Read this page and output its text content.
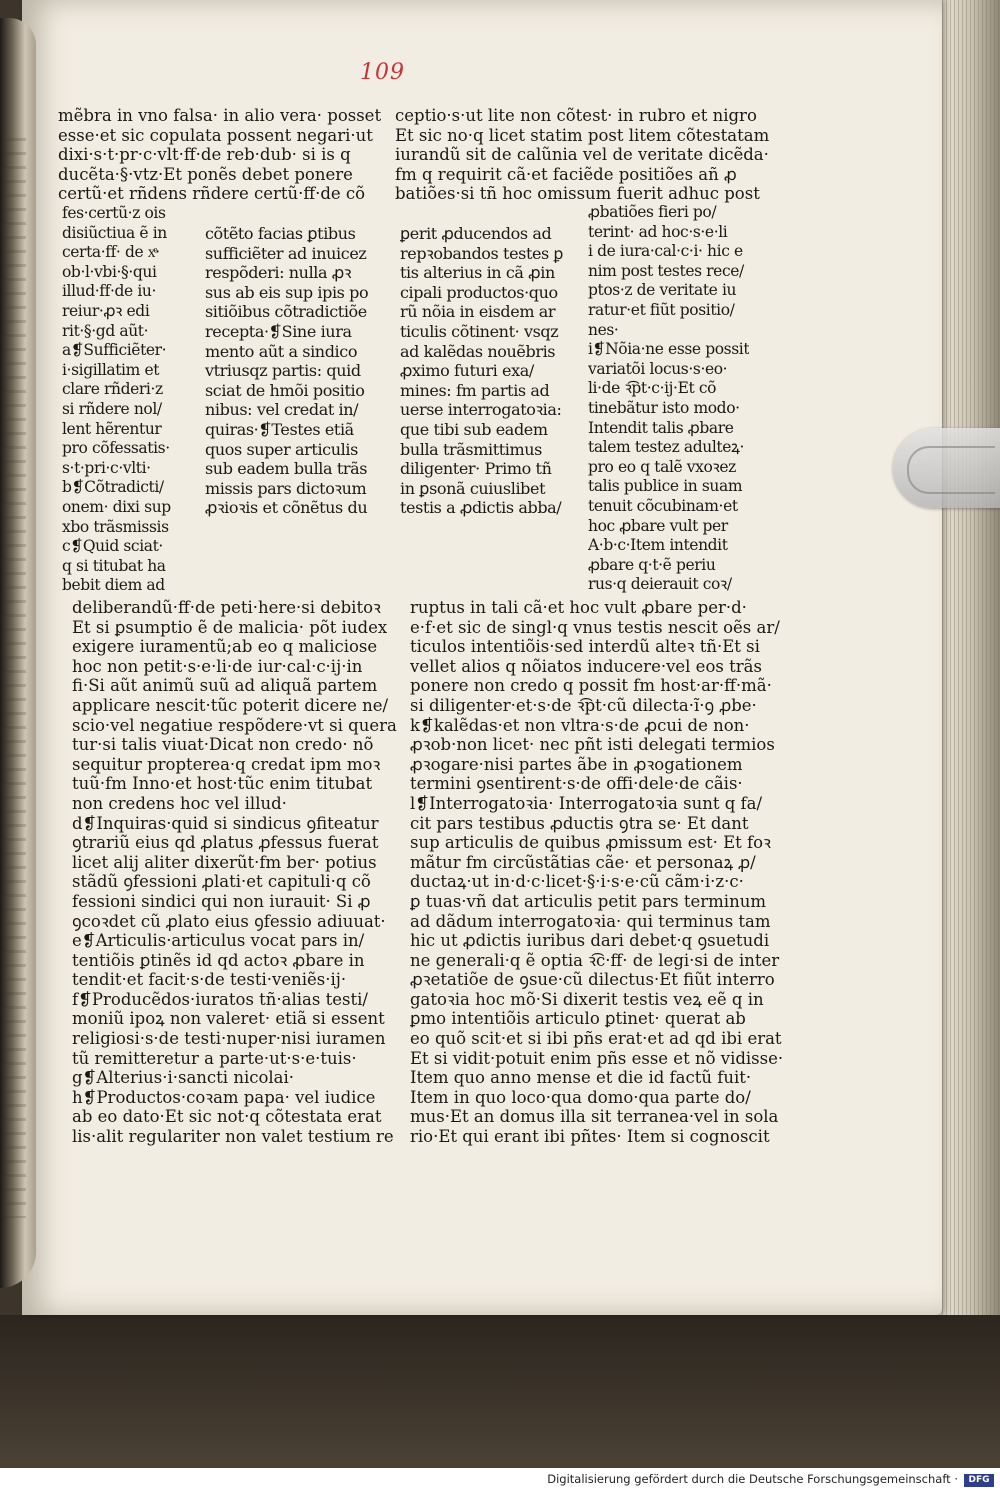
109
mẽbra in vno falsa· in alio vera· posset
esse·et sic copulata possent negari·ut
dixi·s·t·pr·c·vlt·ff·de reb·dub· si is q
ducẽta·§·vtz·Et ponẽs debet ponere
certũ·et rñdens rñdere certũ·ff·de cõ
fes·certũ·z ois
disiũctiua ẽ in
certa·ff· de xͤ·
ob·l·vbi·§·qui
illud·ff·de iu·
reiur·ꝓꝛ edi
rit·§·gd aũt·
a❡Sufficiẽter·
i·sigillatim et
clare rñderi·z
si rñdere nol/
lent hẽrentur
pro cõfessatis·
s·t·pri·c·vlti·
b❡Cõtradicti/
onem· dixi sup
xbo trãsmissis
c❡Quid sciat·
q si titubat ha
bebit diem ad
deliberandũ·ff·de peti·here·si debitoꝛ
Et si ꝑsumptio ẽ de malicia· põt iudex
exigere iuramentũ;ab eo q maliciose
hoc non petit·s·e·li·de iur·cal·c·ij·in
fi·Si aũt animũ suũ ad aliquã partem
applicare nescit·tũc poterit dicere ne/
scio·vel negatiue respõdere·vt si quera
tur·si talis viuat·Dicat non credo· nõ
sequitur propterea·q credat ipm moꝛ
tuũ·fm Inno·et host·tũc enim titubat
non credens hoc vel illud·
d❡Inquiras·quid si sindicus ꝯfiteatur
ꝯtrariũ eius qd ꝓlatus ꝓfessus fuerat
licet alij aliter dixerũt·fm ber· potius
stãdũ ꝯfessioni ꝓlati·et capituli·q cõ
fessioni sindici qui non iurauit· Si ꝓ
ꝯcoꝛdet cũ ꝓlato eius ꝯfessio adiuuat·
e❡Articulis·articulus vocat pars in/
tentiõis ꝑtinẽs id qd actoꝛ ꝓbare in
tendit·et facit·s·de testi·veniẽs·ij·
f❡Producẽdos·iuratos tñ·alias testi/
moniũ ipoꝝ non valeret· etiã si essent
religiosi·s·de testi·nuper·nisi iuramen
tũ remitteretur a parte·ut·s·e·tuis·
g❡Alterius·i·sancti nicolai·
h❡Productos·coꝛam papa· vel iudice
ab eo dato·Et sic not·q cõtestata erat
lis·alit regulariter non valet testium re
cõtẽto facias ꝑtibus
sufficiẽter ad inuicez
respõderi: nulla ꝓꝛ
sus ab eis sup ipis po
sitiõibus cõtradictiõe
recepta·❡Sine iura
mento aũt a sindico
vtriusqz partis: quid
sciat de hmõi positio
nibus: vel credat in/
quiras·❡Testes etiã
quos super articulis
sub eadem bulla trãs
missis pars dictoꝛum
ꝓꝛioꝛis et cõnẽtus du
ceptio·s·ut lite non cõtest· in rubro et nigro
Et sic no·q licet statim post litem cõtestatam
iurandũ sit de calũnia vel de veritate dicẽda·
fm q requirit cã·et faciẽde positiões añ ꝓ
batiões·si tñ hoc omissum fuerit adhuc post
ꝑerit ꝓducendos ad
repꝛobandos testes ꝑ
tis alterius in cã ꝓin
cipali productos·quo
rũ nõia in eisdem ar
ticulis cõtinent· vsqz
ad kalẽdas nouẽbris
ꝓximo futuri exa/
mines: fm partis ad
uerse interrogatoꝛia:
que tibi sub eadem
bulla trãsmittimus
diligenter· Primo tñ
in ꝑsonã cuiuslibet
testis a ꝓdictis abba/
ꝓbatiões fieri po/
terint· ad hoc·s·e·li
i de iura·cal·c·i· hic e
nim post testes rece/
ptos·z de veritate iu
ratur·et fiũt positio/
nes·
i❡Nõia·ne esse possit
variatõi locus·s·eo·
li·de ꝛ͡pt·c·ij·Et cõ
tinebãtur isto modo·
Intendit talis ꝓbare
talem testez adulteꝝ·
pro eo q talẽ vxoꝛez
talis publice in suam
tenuit cõcubinam·et
hoc ꝓbare vult per
A·b·c·Item intendit
ꝓbare q·t·ẽ periu
rus·q deierauit coꝛ/
ruptus in tali cã·et hoc vult ꝓbare per·d·
e·f·et sic de singl·q vnus testis nescit oẽs ar/
ticulos intentiõis·sed interdũ alteꝛ tñ·Et si
vellet alios q nõiatos inducere·vel eos trãs
ponere non credo q possit fm host·ar·ff·mã·
si diligenter·et·s·de ꝛ͡pt·cũ dilecta·ĩ·ꝯ ꝓbe·
k❡kalẽdas·et non vltra·s·de ꝓcui de non·
ꝓꝛob·non licet· nec pñt isti delegati termios
ꝓꝛogare·nisi partes ãbe in ꝓꝛogationem
termini ꝯsentirent·s·de offi·dele·de cãis·
l❡Interrogatoꝛia· Interrogatoꝛia sunt q fa/
cit pars testibus ꝓductis ꝯtra se· Et dant
sup articulis de quibus ꝓmissum est· Et foꝛ
mãtur fm circũstãtias cãe· et personaꝝ ꝓ/
ductaꝝ·ut in·d·c·licet·§·i·s·e·cũ cãm·i·z·c·
ꝑ tuas·vñ dat articulis petit pars terminum
ad dãdum interrogatoꝛia· qui terminus tam
hic ut ꝓdictis iuribus dari debet·q ꝯsuetudi
ne generali·q ẽ optia ꝛ͡c·ff· de legi·si de inter
ꝓꝛetatiõe de ꝯsue·cũ dilectus·Et fiũt interro
gatoꝛia hoc mõ·Si dixerit testis veꝝ eẽ q in
ꝑmo intentiõis articulo ꝑtinet· querat ab
eo quõ scit·et si ibi pñs erat·et ad qd ibi erat
Et si vidit·potuit enim pñs esse et nõ vidisse·
Item quo anno mense et die id factũ fuit·
Item in quo loco·qua domo·qua parte do/
mus·Et an domus illa sit terranea·vel in sola
rio·Et qui erant ibi pñtes· Item si cognoscit
Digitalisierung gefördert durch die Deutsche Forschungsgemeinschaft ·	DFG
